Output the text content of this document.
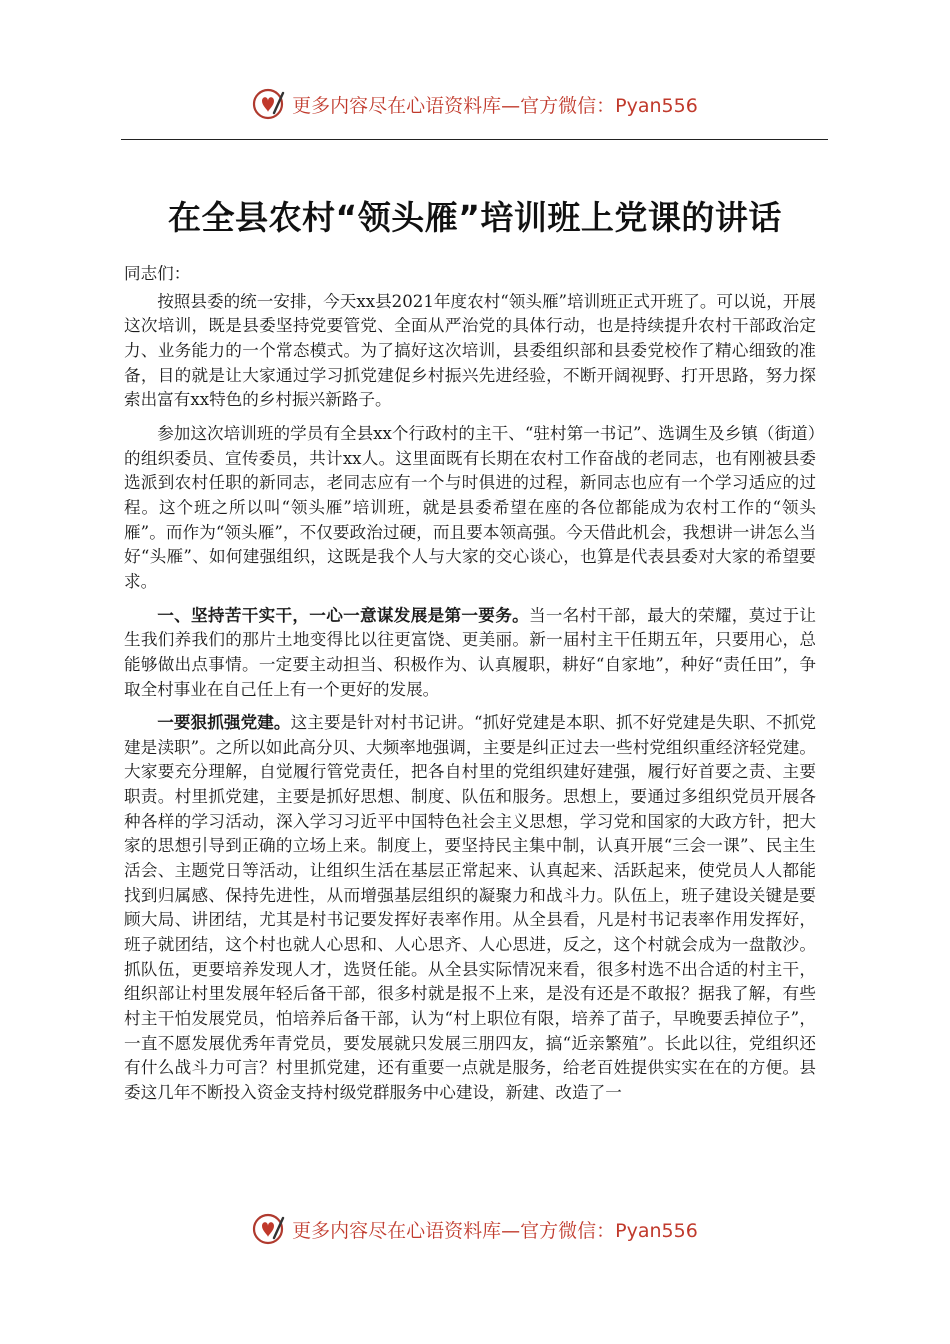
更多内容尽在心语资料库—官方微信：Pyan556
在全县农村“领头雁”培训班上党课的讲话

同志们：

按照县委的统一安排，今天xx县2021年度农村“领头雁”培训班正式开班了。可以说，开展这次培训，既是县委坚持党要管党、全面从严治党的具体行动，也是持续提升农村干部政治定力、业务能力的一个常态模式。为了搞好这次培训，县委组织部和县委党校作了精心细致的准备，目的就是让大家通过学习抓党建促乡村振兴先进经验，不断开阔视野、打开思路，努力探索出富有xx特色的乡村振兴新路子。

参加这次培训班的学员有全县xx个行政村的主干、“驻村第一书记”、选调生及乡镇（街道）的组织委员、宣传委员，共计xx人。这里面既有长期在农村工作奋战的老同志，也有刚被县委选派到农村任职的新同志，老同志应有一个与时俱进的过程，新同志也应有一个学习适应的过程。这个班之所以叫“领头雁”培训班，就是县委希望在座的各位都能成为农村工作的“领头雁”。而作为“领头雁”，不仅要政治过硬，而且要本领高强。今天借此机会，我想讲一讲怎么当好“头雁”、如何建强组织，这既是我个人与大家的交心谈心，也算是代表县委对大家的希望要求。

一、坚持苦干实干，一心一意谋发展是第一要务。当一名村干部，最大的荣耀，莫过于让生我们养我们的那片土地变得比以往更富饶、更美丽。新一届村主干任期五年，只要用心，总能够做出点事情。一定要主动担当、积极作为、认真履职，耕好“自家地”，种好“责任田”，争取全村事业在自己任上有一个更好的发展。

一要狠抓强党建。这主要是针对村书记讲。“抓好党建是本职、抓不好党建是失职、不抓党建是渎职”。之所以如此高分贝、大频率地强调，主要是纠正过去一些村党组织重经济轻党建。大家要充分理解，自觉履行管党责任，把各自村里的党组织建好建强，履行好首要之责、主要职责。村里抓党建，主要是抓好思想、制度、队伍和服务。思想上，要通过多组织党员开展各种各样的学习活动，深入学习习近平中国特色社会主义思想，学习党和国家的大政方针，把大家的思想引导到正确的立场上来。制度上，要坚持民主集中制，认真开展“三会一课”、民主生活会、主题党日等活动，让组织生活在基层正常起来、认真起来、活跃起来，使党员人人都能找到归属感、保持先进性，从而增强基层组织的凝聚力和战斗力。队伍上，班子建设关键是要顾大局、讲团结，尤其是村书记要发挥好表率作用。从全县看，凡是村书记表率作用发挥好，班子就团结，这个村也就人心思和、人心思齐、人心思进，反之，这个村就会成为一盘散沙。抓队伍，更要培养发现人才，选贤任能。从全县实际情况来看，很多村选不出合适的村主干，组织部让村里发展年轻后备干部，很多村就是报不上来，是没有还是不敢报？据我了解，有些村主干怕发展党员，怕培养后备干部，认为“村上职位有限，培养了苗子，早晚要丢掉位子”，一直不愿发展优秀年青党员，要发展就只发展三朋四友，搞“近亲繁殖”。长此以往，党组织还有什么战斗力可言？村里抓党建，还有重要一点就是服务，给老百姓提供实实在在的方便。县委这几年不断投入资金支持村级党群服务中心建设，新建、改造了一

更多内容尽在心语资料库—官方微信：Pyan556
